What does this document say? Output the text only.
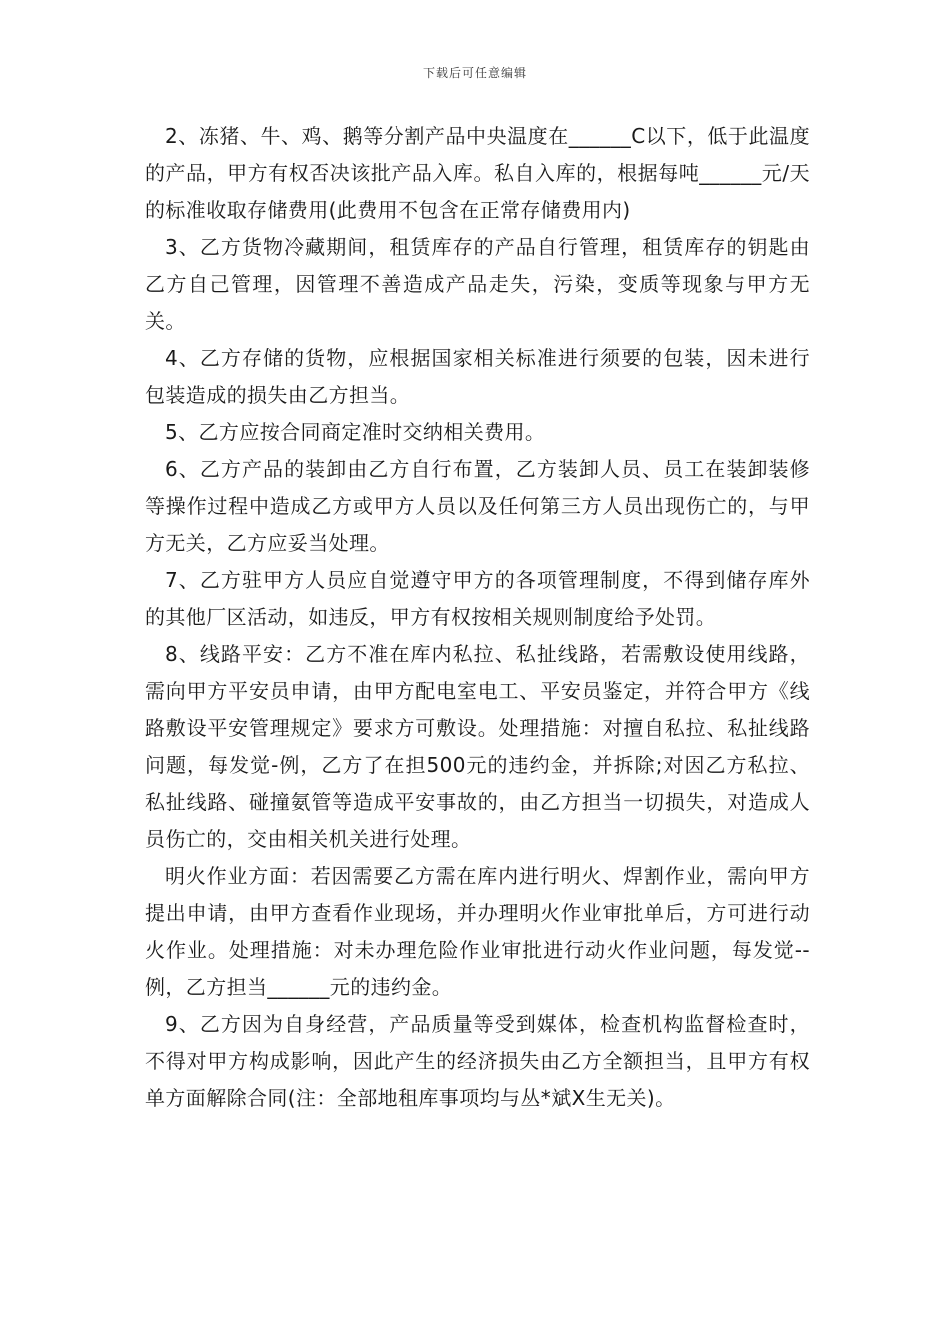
下载后可任意编辑

2、冻猪、牛、鸡、鹅等分割产品中央温度在______C以下，低于此温度的产品，甲方有权否决该批产品入库。私自入库的，根据每吨______元/天的标准收取存储费用(此费用不包含在正常存储费用内)

3、乙方货物冷藏期间，租赁库存的产品自行管理，租赁库存的钥匙由乙方自己管理，因管理不善造成产品走失，污染，变质等现象与甲方无关。

4、乙方存储的货物，应根据国家相关标准进行须要的包装，因未进行包装造成的损失由乙方担当。

5、乙方应按合同商定准时交纳相关费用。

6、乙方产品的装卸由乙方自行布置，乙方装卸人员、员工在装卸装修等操作过程中造成乙方或甲方人员以及任何第三方人员出现伤亡的，与甲方无关，乙方应妥当处理。

7、乙方驻甲方人员应自觉遵守甲方的各项管理制度，不得到储存库外的其他厂区活动，如违反，甲方有权按相关规则制度给予处罚。

8、线路平安：乙方不准在库内私拉、私扯线路，若需敷设使用线路，需向甲方平安员申请，由甲方配电室电工、平安员鉴定，并符合甲方《线路敷设平安管理规定》要求方可敷设。处理措施：对擅自私拉、私扯线路问题，每发觉-例，乙方了在担500元的违约金，并拆除;对因乙方私拉、私扯线路、碰撞氨管等造成平安事故的，由乙方担当一切损失，对造成人员伤亡的，交由相关机关进行处理。

明火作业方面：若因需要乙方需在库内进行明火、焊割作业，需向甲方提出申请，由甲方查看作业现场，并办理明火作业审批单后，方可进行动火作业。处理措施：对未办理危险作业审批进行动火作业问题，每发觉--例，乙方担当______元的违约金。

9、乙方因为自身经营，产品质量等受到媒体，检查机构监督检查时，不得对甲方构成影响，因此产生的经济损失由乙方全额担当，且甲方有权单方面解除合同(注：全部地租库事项均与丛*斌X生无关)。
